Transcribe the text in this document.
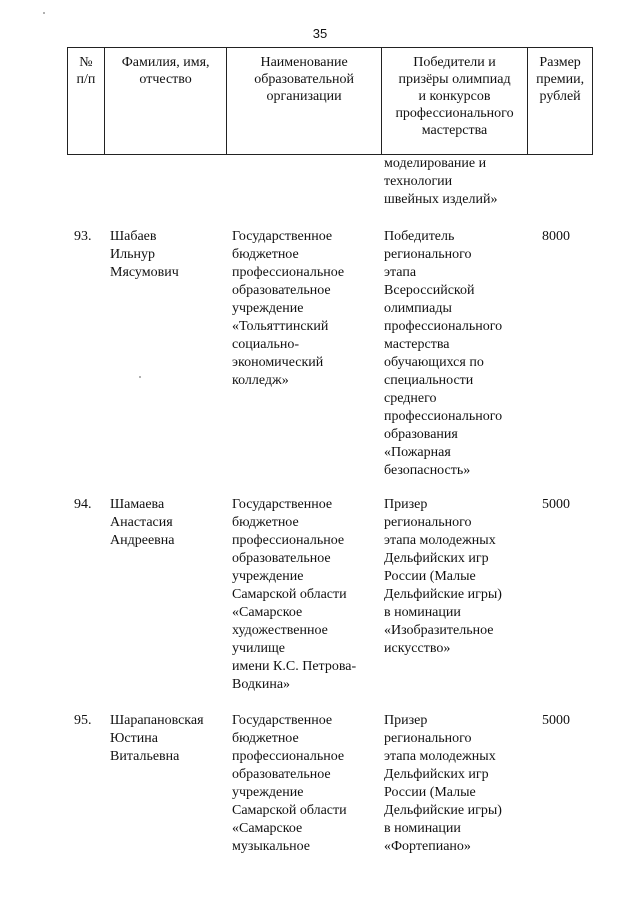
35
№
п/п
Фамилия, имя,
отчество
Наименование
образовательной
организации
Победители и
призёры олимпиад
и конкурсов
профессионального
мастерства
Размер
премии,
рублей
моделирование и
технологии
швейных изделий»
93. Шабаев
Ильнур
Мясумович
Государственное
бюджетное
профессиональное
образовательное
учреждение
«Тольяттинский
социально-
экономический
колледж»
Победитель
регионального
этапа
Всероссийской
олимпиады
профессионального
мастерства
обучающихся по
специальности
среднего
профессионального
образования
«Пожарная
безопасность»
8000
94. Шамаева
Анастасия
Андреевна
Государственное
бюджетное
профессиональное
образовательное
учреждение
Самарской области
«Самарское
художественное
училище
имени К.С. Петрова-
Водкина»
Призер
регионального
этапа молодежных
Дельфийских игр
России (Малые
Дельфийские игры)
в номинации
«Изобразительное
искусство»
5000
95. Шарапановская
Юстина
Витальевна
Государственное
бюджетное
профессиональное
образовательное
учреждение
Самарской области
«Самарское
музыкальное
Призер
регионального
этапа молодежных
Дельфийских игр
России (Малые
Дельфийские игры)
в номинации
«Фортепиано»
5000
